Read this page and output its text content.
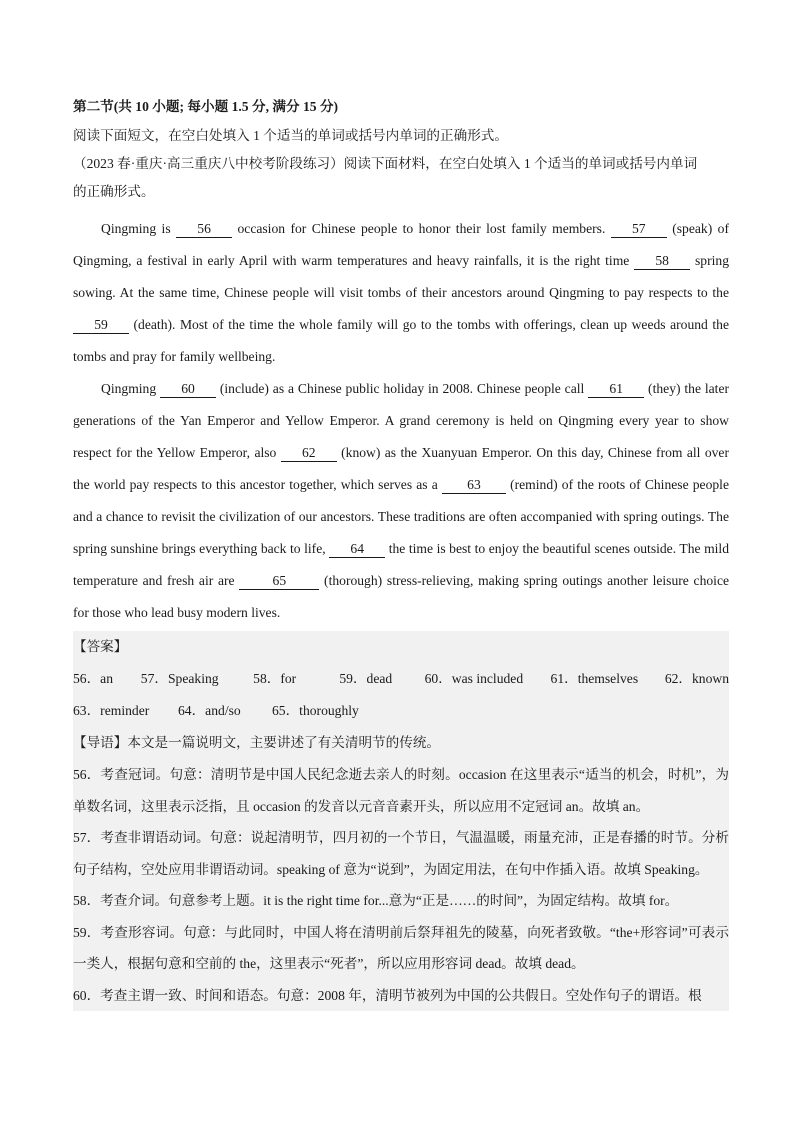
第二节(共 10 小题; 每小题 1.5 分, 满分 15 分)
阅读下面短文，在空白处填入 1 个适当的单词或括号内单词的正确形式。
（2023 春·重庆·高三重庆八中校考阶段练习）阅读下面材料，在空白处填入 1 个适当的单词或括号内单词
的正确形式。

Qingming is 56 occasion for Chinese people to honor their lost family members. 57 (speak) of Qingming, a festival in early April with warm temperatures and heavy rainfalls, it is the right time 58 spring sowing. At the same time, Chinese people will visit tombs of their ancestors around Qingming to pay respects to the 59 (death). Most of the time the whole family will go to the tombs with offerings, clean up weeds around the tombs and pray for family wellbeing.

Qingming 60 (include) as a Chinese public holiday in 2008. Chinese people call 61 (they) the later generations of the Yan Emperor and Yellow Emperor. A grand ceremony is held on Qingming every year to show respect for the Yellow Emperor, also 62 (know) as the Xuanyuan Emperor. On this day, Chinese from all over the world pay respects to this ancestor together, which serves as a 63 (remind) of the roots of Chinese people and a chance to revisit the civilization of our ancestors. These traditions are often accompanied with spring outings. The spring sunshine brings everything back to life, 64 the time is best to enjoy the beautiful scenes outside. The mild temperature and fresh air are 65 (thorough) stress-relieving, making spring outings another leisure choice for those who lead busy modern lives.

【答案】
56．an	57．Speaking	58．for	59．dead	60．was included	61．themselves	62．known
63．reminder	64．and/so	65．thoroughly
【导语】本文是一篇说明文，主要讲述了有关清明节的传统。

56．考查冠词。句意：清明节是中国人民纪念逝去亲人的时刻。occasion 在这里表示“适当的机会，时机”，为单数名词，这里表示泛指，且 occasion 的发音以元音音素开头，所以应用不定冠词 an。故填 an。

57．考查非谓语动词。句意：说起清明节，四月初的一个节日，气温温暖，雨量充沛，正是春播的时节。分析句子结构，空处应用非谓语动词。speaking of 意为“说到”，为固定用法，在句中作插入语。故填 Speaking。

58．考查介词。句意参考上题。it is the right time for...意为“正是……的时间”，为固定结构。故填 for。

59．考查形容词。句意：与此同时，中国人将在清明前后祭拜祖先的陵墓，向死者致敬。“the+形容词”可表示一类人，根据句意和空前的 the，这里表示“死者”，所以应用形容词 dead。故填 dead。

60．考查主谓一致、时间和语态。句意：2008 年，清明节被列为中国的公共假日。空处作句子的谓语。根
